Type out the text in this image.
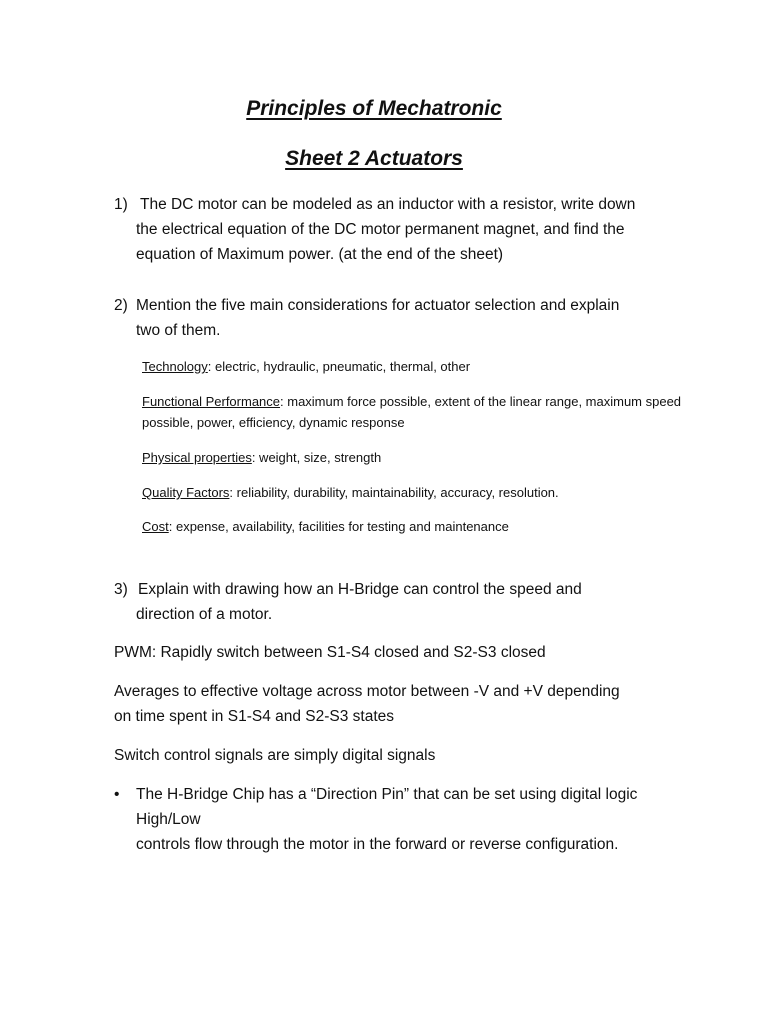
Principles of Mechatronic
Sheet 2 Actuators
1) The DC motor can be modeled as an inductor with a resistor, write down
the electrical equation of the DC motor permanent magnet, and find the
equation of Maximum power. (at the end of the sheet)
2) Mention the five main considerations for actuator selection and explain
two of them.
Technology: electric, hydraulic, pneumatic, thermal, other
Functional Performance: maximum force possible, extent of the linear range, maximum speed possible, power, efficiency, dynamic response
Physical properties: weight, size, strength
Quality Factors: reliability, durability, maintainability, accuracy, resolution.
Cost: expense, availability, facilities for testing and maintenance
3) Explain with drawing how an H-Bridge can control the speed and
direction of a motor.
PWM: Rapidly switch between S1-S4 closed and S2-S3 closed
Averages to effective voltage across motor between -V and +V depending
on time spent in S1-S4 and S2-S3 states
Switch control signals are simply digital signals
• The H-Bridge Chip has a “Direction Pin” that can be set using digital logic
High/Low
controls flow through the motor in the forward or reverse configuration.
